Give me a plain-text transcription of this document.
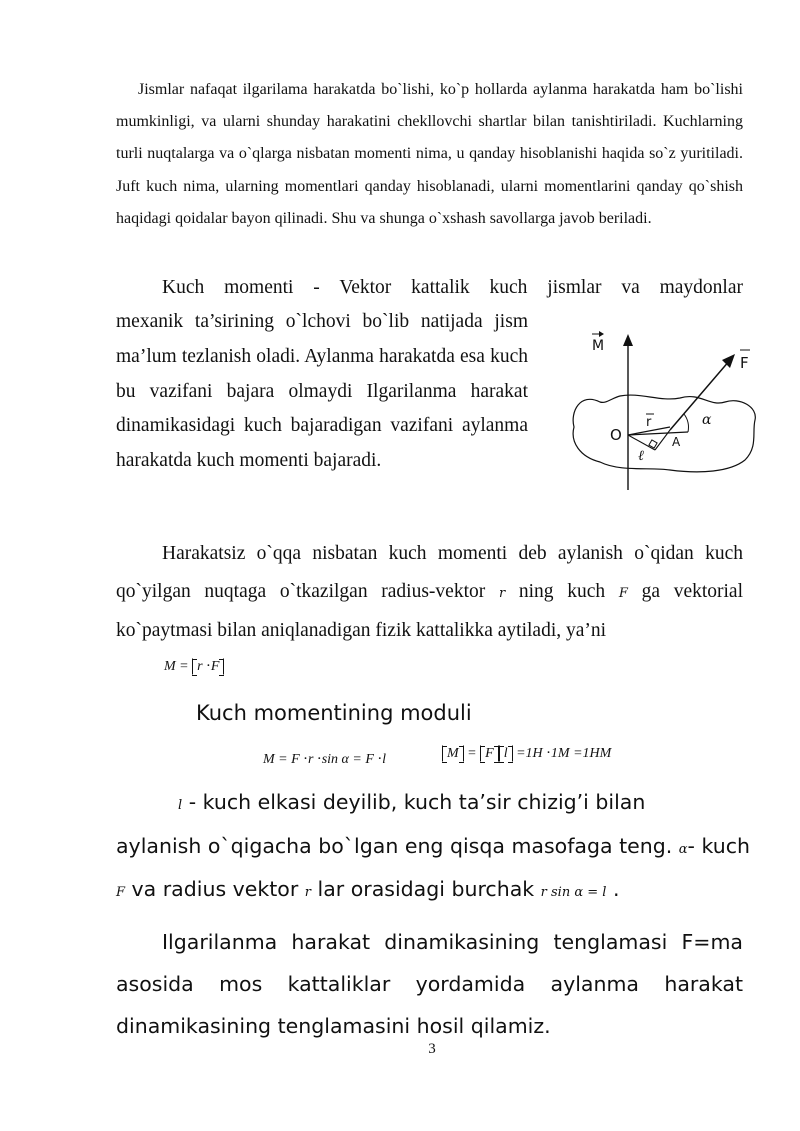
Jismlar nafaqat ilgarilama harakatda bo`lishi, ko`p hollarda aylanma harakatda ham bo`lishi mumkinligi, va ularni shunday harakatini chekllovchi shartlar bilan tanishtiriladi. Kuchlarning turli nuqtalarga va o`qlarga nisbatan momenti nima, u qanday hisoblanishi haqida so`z yuritiladi. Juft kuch nima, ularning momentlari qanday hisoblanadi, ularni momentlarini qanday qo`shish haqidagi qoidalar bayon qilinadi. Shu va shunga o`xshash savollarga javob beriladi.

Kuch momenti - Vektor kattalik kuch jismlar va maydonlar
mexanik ta’sirining o`lchovi bo`lib natijada jism ma’lum tezlanish oladi. Aylanma harakatda esa kuch bu vazifani bajara olmaydi Ilgarilanma harakat dinamikasidagi kuch bajaradigan vazifani aylanma harakatda kuch momenti bajaradi.
M
O
r
F
ℓ
α
A

Harakatsiz o`qqa nisbatan kuch momenti deb aylanish o`qidan kuch qo`yilgan nuqtaga o`tkazilgan radius-vektor r ning kuch F ga vektorial ko`paytmasi bilan aniqlanadigan fizik kattalikka aytiladi, ya’ni

M = r ⋅F
Kuch momentining moduli
M = F ⋅r ⋅sin α = F ⋅l	M = F l =1H ⋅1M =1HM
l - kuch elkasi deyilib, kuch ta’sir chizig’i bilan
aylanish o`qigacha bo`lgan eng qisqa masofaga teng. α- kuch
F va radius vektor r lar orasidagi burchak r sin α = l .

Ilgarilanma harakat dinamikasining tenglamasi F=ma asosida mos kattaliklar yordamida aylanma harakat dinamikasining tenglamasini hosil qilamiz.

3
